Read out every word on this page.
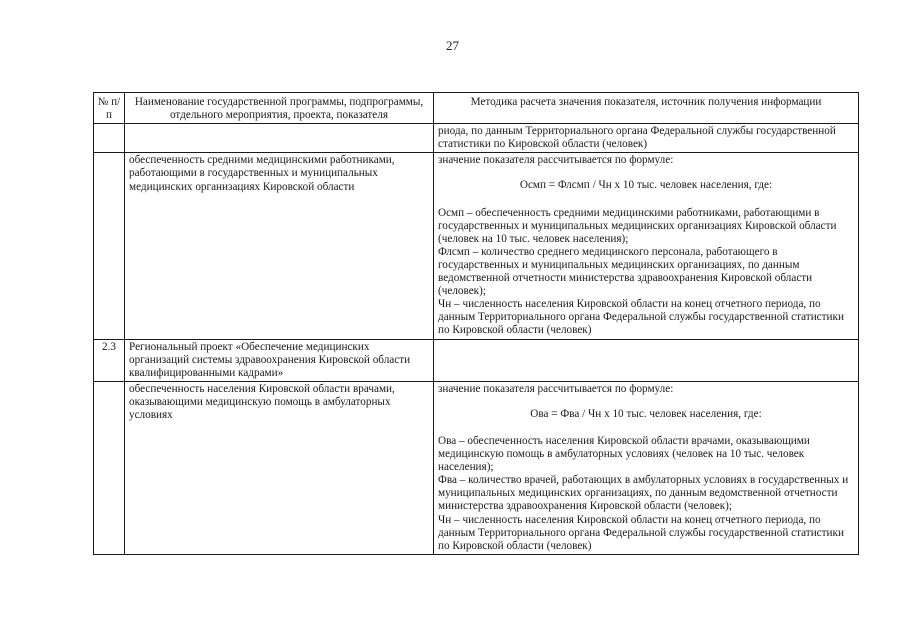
27
№ п/п	Наименование государственной программы, подпрограммы, отдельного мероприятия, проекта, показателя	Методика расчета значения показателя, источник получения информации
		риода, по данным Территориального органа Федеральной службы государственной статистики по Кировской области (человек)
	обеспеченность средними медицинскими работниками, работающими в государственных и муниципальных медицинских организациях Кировской области	значение показателя рассчитывается по формуле:
Осмп = Флсмп / Чн x 10 тыс. человек населения, где:
Осмп – обеспеченность средними медицинскими работниками, работающими в государственных и муниципальных медицинских организациях Кировской области (человек на 10 тыс. человек населения);
Флсмп – количество среднего медицинского персонала, работающего в государственных и муниципальных медицинских организациях, по данным ведомственной отчетности министерства здравоохранения Кировской области (человек);
Чн – численность населения Кировской области на конец отчетного периода, по данным Территориального органа Федеральной службы государственной статистики по Кировской области (человек)

2.3	Региональный проект «Обеспечение медицинских организаций системы здравоохранения Кировской области квалифицированными кадрами»	
	обеспеченность населения Кировской области врачами, оказывающими медицинскую помощь в амбулаторных условиях	значение показателя рассчитывается по формуле:
Ова = Фва / Чн x 10 тыс. человек населения, где:
Ова – обеспеченность населения Кировской области врачами, оказывающими медицинскую помощь в амбулаторных условиях (человек на 10 тыс. человек населения);
Фва – количество врачей, работающих в амбулаторных условиях в государственных и муниципальных медицинских организациях, по данным ведомственной отчетности министерства здравоохранения Кировской области (человек);
Чн – численность населения Кировской области на конец отчетного периода, по данным Территориального органа Федеральной службы государственной статистики по Кировской области (человек)
